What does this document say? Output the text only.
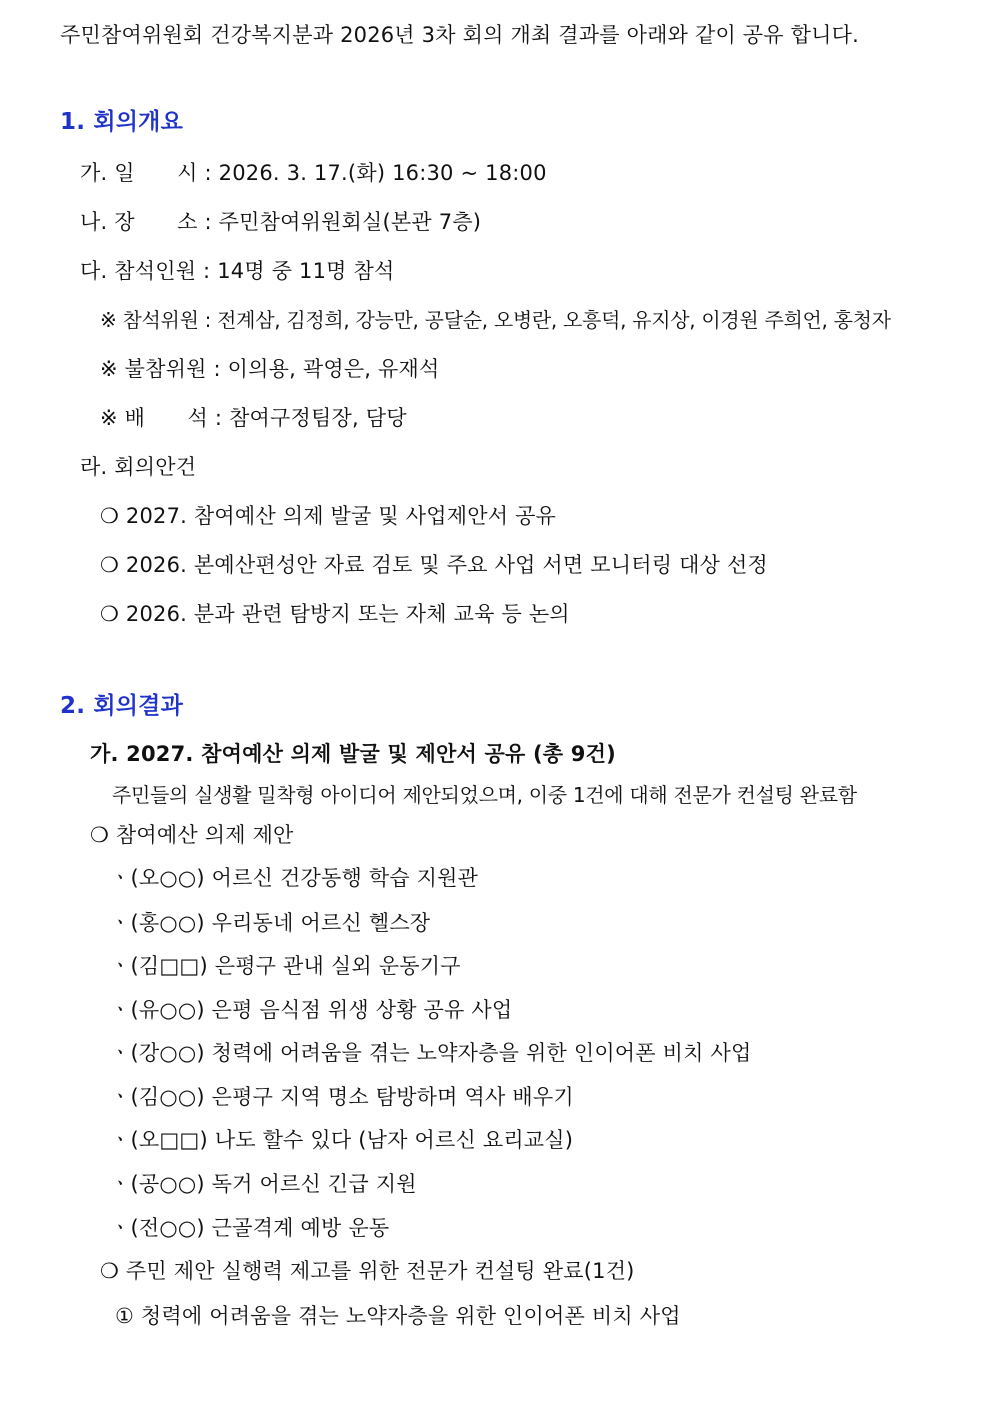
주민참여위원회 건강복지분과 2026년 3차 회의 개최 결과를 아래와 같이 공유 합니다.
1. 회의개요
가. 일　　시 : 2026. 3. 17.(화) 16:30 ~ 18:00
나. 장　　소 : 주민참여위원회실(본관 7층)
다. 참석인원 : 14명 중 11명 참석
※ 참석위원 : 전계삼, 김정희, 강능만, 공달순, 오병란, 오흥덕, 유지상, 이경원 주희언, 홍청자
※ 불참위원 : 이의용, 곽영은, 유재석
※ 배　　석 : 참여구정팀장, 담당
라. 회의안건
❍ 2027. 참여예산 의제 발굴 및 사업제안서 공유
❍ 2026. 본예산편성안 자료 검토 및 주요 사업 서면 모니터링 대상 선정
❍ 2026. 분과 관련 탐방지 또는 자체 교육 등 논의
2. 회의결과
가. 2027. 참여예산 의제 발굴 및 제안서 공유 (총 9건)
주민들의 실생활 밀착형 아이디어 제안되었으며, 이중 1건에 대해 전문가 컨설팅 완료함
❍ 참여예산 의제 제안
ㆍ(오○○) 어르신 건강동행 학습 지원관
ㆍ(홍○○) 우리동네 어르신 헬스장
ㆍ(김□□) 은평구 관내 실외 운동기구
ㆍ(유○○) 은평 음식점 위생 상황 공유 사업
ㆍ(강○○) 청력에 어려움을 겪는 노약자층을 위한 인이어폰 비치 사업
ㆍ(김○○) 은평구 지역 명소 탐방하며 역사 배우기
ㆍ(오□□) 나도 할수 있다 (남자 어르신 요리교실)
ㆍ(공○○) 독거 어르신 긴급 지원
ㆍ(전○○) 근골격계 예방 운동
❍ 주민 제안 실행력 제고를 위한 전문가 컨설팅 완료(1건)
① 청력에 어려움을 겪는 노약자층을 위한 인이어폰 비치 사업
